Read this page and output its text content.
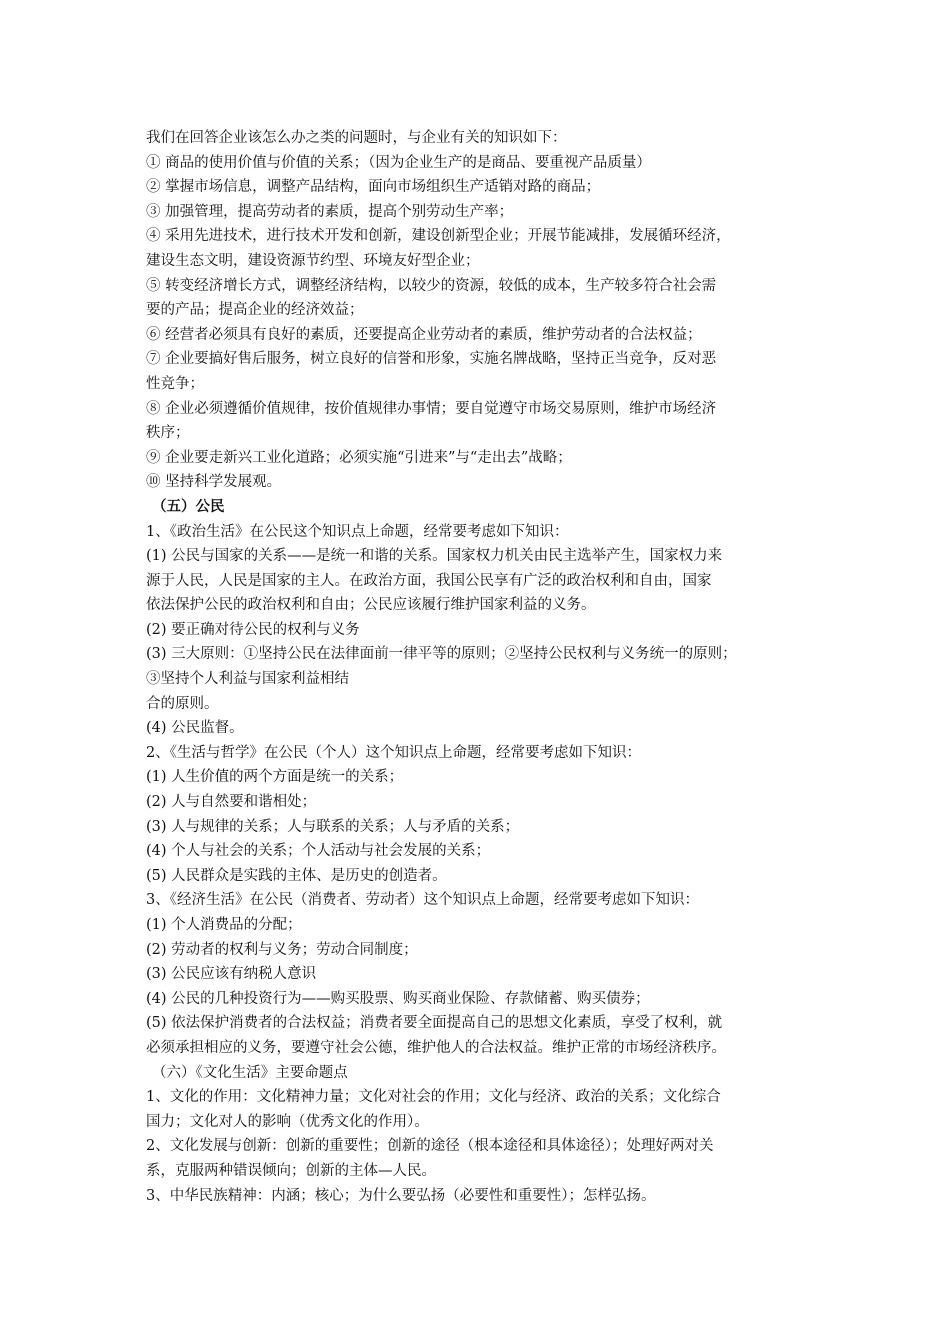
我们在回答企业该怎么办之类的问题时，与企业有关的知识如下：
① 商品的使用价值与价值的关系；（因为企业生产的是商品、要重视产品质量）
② 掌握市场信息，调整产品结构，面向市场组织生产适销对路的商品；
③ 加强管理，提高劳动者的素质，提高个别劳动生产率；
④ 采用先进技术，进行技术开发和创新，建设创新型企业；开展节能减排，发展循环经济，
建设生态文明，建设资源节约型、环境友好型企业；
⑤ 转变经济增长方式，调整经济结构，以较少的资源，较低的成本，生产较多符合社会需
要的产品；提高企业的经济效益；
⑥ 经营者必须具有良好的素质，还要提高企业劳动者的素质，维护劳动者的合法权益；
⑦ 企业要搞好售后服务，树立良好的信誉和形象，实施名牌战略，坚持正当竞争，反对恶
性竞争；
⑧ 企业必须遵循价值规律，按价值规律办事情；要自觉遵守市场交易原则，维护市场经济
秩序；
⑨ 企业要走新兴工业化道路；必须实施“引进来”与“走出去”战略；
⑩ 坚持科学发展观。
（五）公民
1、《政治生活》在公民这个知识点上命题，经常要考虑如下知识：
(1) 公民与国家的关系——是统一和谐的关系。国家权力机关由民主选举产生，国家权力来
源于人民，人民是国家的主人。在政治方面，我国公民享有广泛的政治权利和自由，国家
依法保护公民的政治权利和自由；公民应该履行维护国家利益的义务。
(2) 要正确对待公民的权利与义务
(3) 三大原则：①坚持公民在法律面前一律平等的原则；②坚持公民权利与义务统一的原则；
③坚持个人利益与国家利益相结
合的原则。
(4) 公民监督。
2、《生活与哲学》在公民（个人）这个知识点上命题，经常要考虑如下知识：
(1) 人生价值的两个方面是统一的关系；
(2) 人与自然要和谐相处；
(3) 人与规律的关系；人与联系的关系；人与矛盾的关系；
(4) 个人与社会的关系；个人活动与社会发展的关系；
(5) 人民群众是实践的主体、是历史的创造者。
3、《经济生活》在公民（消费者、劳动者）这个知识点上命题，经常要考虑如下知识：
(1) 个人消费品的分配；
(2) 劳动者的权利与义务；劳动合同制度；
(3) 公民应该有纳税人意识
(4) 公民的几种投资行为——购买股票、购买商业保险、存款储蓄、购买债券；
(5) 依法保护消费者的合法权益；消费者要全面提高自己的思想文化素质，享受了权利，就
必须承担相应的义务，要遵守社会公德，维护他人的合法权益。维护正常的市场经济秩序。
（六）《文化生活》主要命题点
1、文化的作用：文化精神力量；文化对社会的作用；文化与经济、政治的关系；文化综合
国力；文化对人的影响（优秀文化的作用）。
2、文化发展与创新：创新的重要性；创新的途径（根本途径和具体途径）；处理好两对关
系，克服两种错误倾向；创新的主体—人民。
3、中华民族精神：内涵；核心；为什么要弘扬（必要性和重要性）；怎样弘扬。
